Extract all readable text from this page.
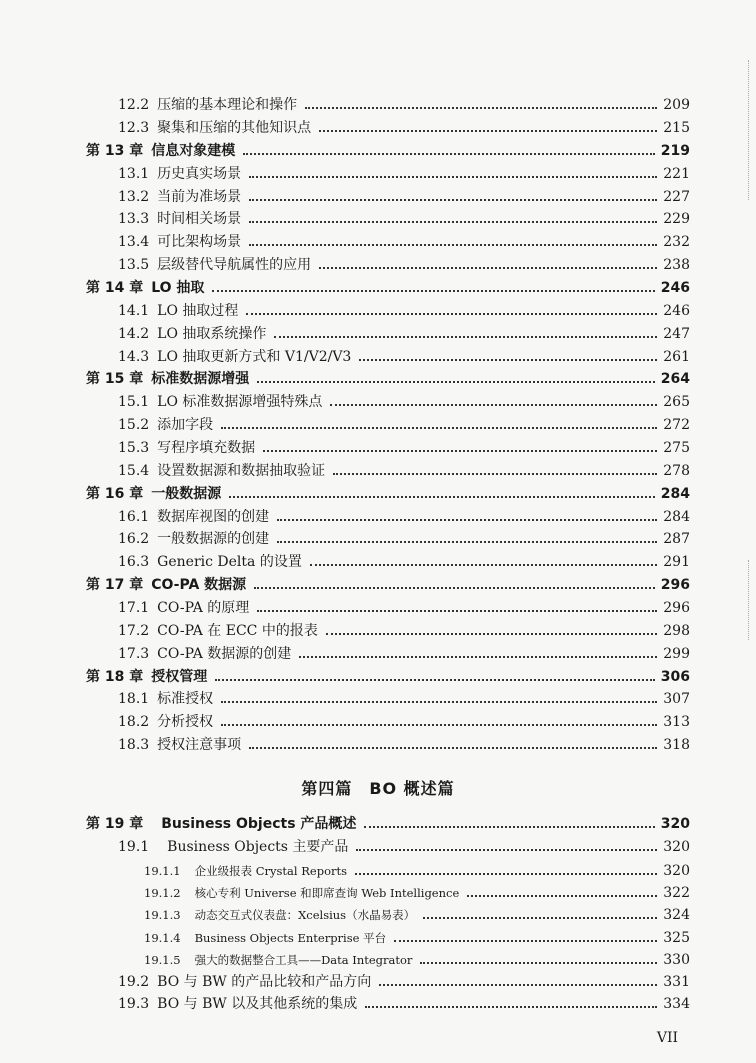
12.2 压缩的基本理论和操作	209
12.3 聚集和压缩的其他知识点	215
第 13 章 信息对象建模	219
13.1 历史真实场景	221
13.2 当前为准场景	227
13.3 时间相关场景	229
13.4 可比架构场景	232
13.5 层级替代导航属性的应用	238
第 14 章 LO 抽取	246
14.1 LO 抽取过程	246
14.2 LO 抽取系统操作	247
14.3 LO 抽取更新方式和 V1/V2/V3	261
第 15 章 标准数据源增强	264
15.1 LO 标准数据源增强特殊点	265
15.2 添加字段	272
15.3 写程序填充数据	275
15.4 设置数据源和数据抽取验证	278
第 16 章 一般数据源	284
16.1 数据库视图的创建	284
16.2 一般数据源的创建	287
16.3 Generic Delta 的设置	291
第 17 章 CO-PA 数据源	296
17.1 CO-PA 的原理	296
17.2 CO-PA 在 ECC 中的报表	298
17.3 CO-PA 数据源的创建	299
第 18 章 授权管理	306
18.1 标准授权	307
18.2 分析授权	313
18.3 授权注意事项	318
第四篇　BO 概述篇
第 19 章	Business Objects 产品概述	320
19.1	Business Objects 主要产品	320
19.1.1	企业级报表 Crystal Reports	320
19.1.2	核心专利 Universe 和即席查询 Web Intelligence	322
19.1.3	动态交互式仪表盘：Xcelsius（水晶易表）	324
19.1.4	Business Objects Enterprise 平台	325
19.1.5	强大的数据整合工具——Data Integrator	330
19.2 BO 与 BW 的产品比较和产品方向	331
19.3 BO 与 BW 以及其他系统的集成	334
VII
